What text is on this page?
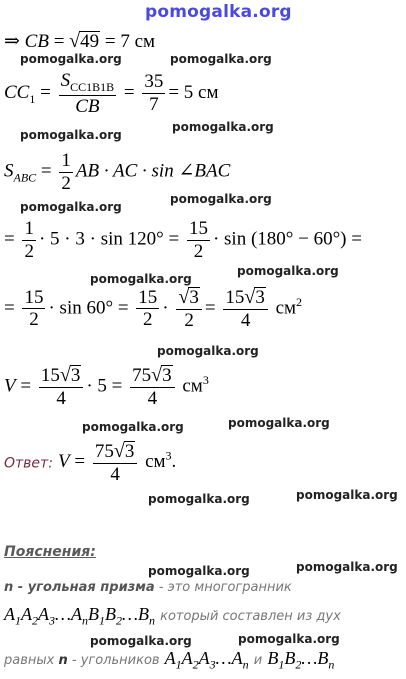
pomogalka.org
⇒ CB = √49 = 7 см
pomogalka.org	pomogalka.org
$CC_1 = \frac{S_{CC1B1B}}{CB} = \frac{35}{7} = 5$ см
pomogalka.org
pomogalka.org
$S_{ABC} = \frac{1}{2}$ AB · AC · sin ∠BAC
pomogalka.org
pomogalka.org
= $\frac{1}{2} \cdot 5 \cdot 3 \cdot \sin 120^\circ = \frac{15}{2} \cdot \sin (180^\circ - 60^\circ)$ =
pomogalka.org
pomogalka.org
= $\frac{15}{2} \cdot \sin 60^\circ = \frac{15}{2} \cdot \frac{√3}{2} = \frac{15√3}{4} см^2$
pomogalka.org
$V = \frac{15√3}{4} \cdot 5 = \frac{75√3}{4} см^3$
pomogalka.org	pomogalka.org
Ответ: $V = \frac{75√3}{4} см^3$.
pomogalka.org	pomogalka.org
Пояснения:
pomogalka.org	pomogalka.org
n - угольная призма - это многогранник
$A_1A_2A_3\dots A_nB_1B_2\dots B_n$ который составлен из дух
pomogalka.org	pomogalka.org
равных n - угольников $A_1A_2A_3\dots A_n$ и $B_1B_2\dots B_n$
